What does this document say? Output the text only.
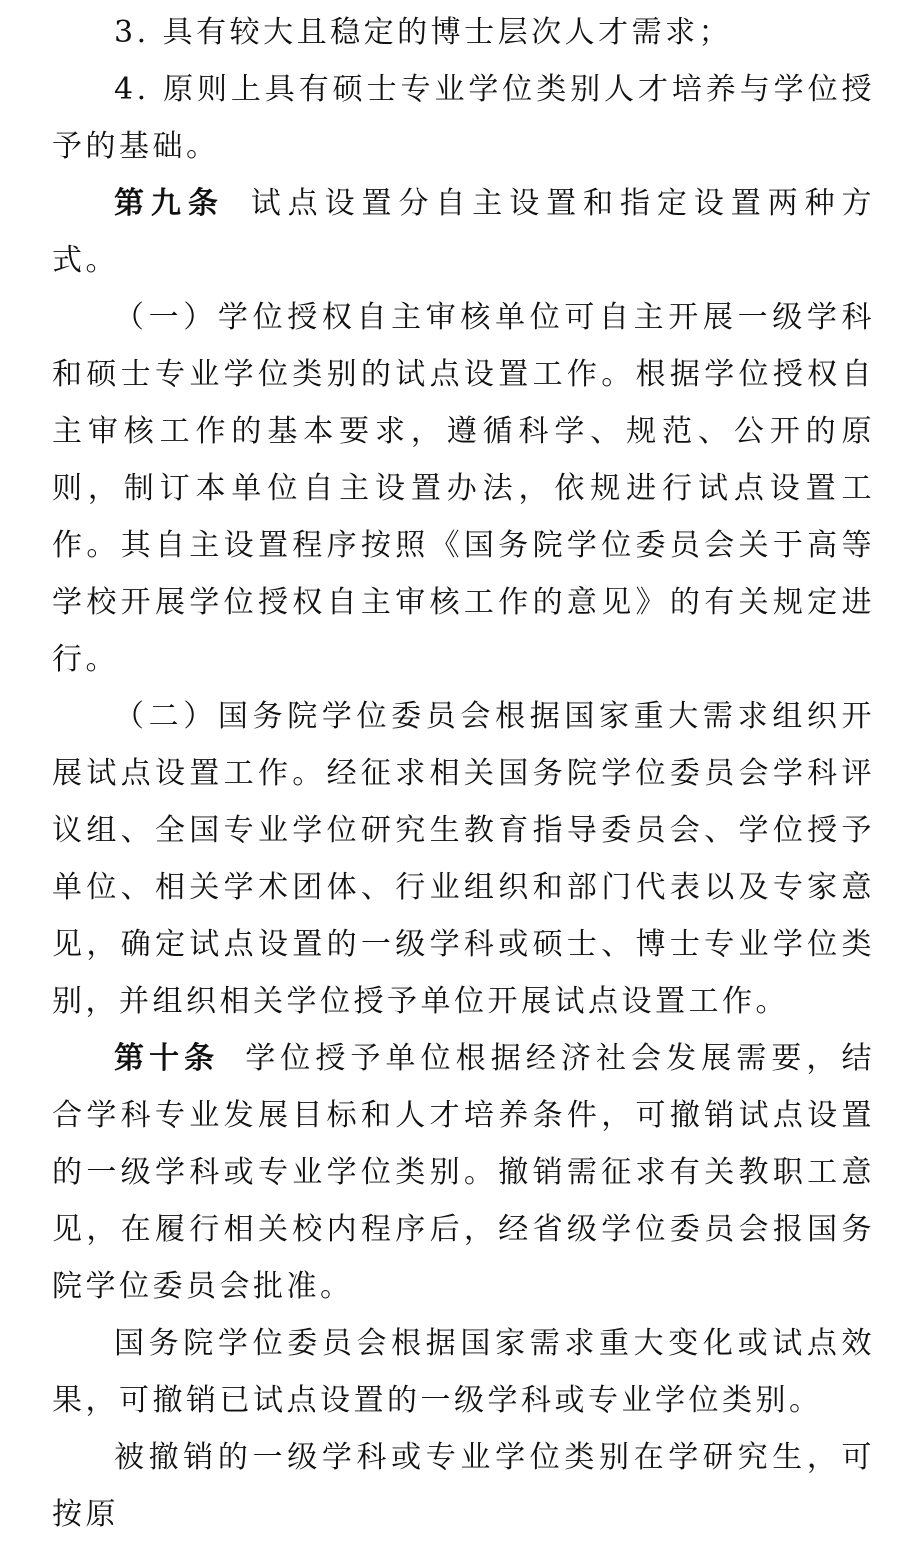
3. 具有较大且稳定的博士层次人才需求；

4. 原则上具有硕士专业学位类别人才培养与学位授予的基础。

第九条 试点设置分自主设置和指定设置两种方式。

（一）学位授权自主审核单位可自主开展一级学科和硕士专业学位类别的试点设置工作。根据学位授权自主审核工作的基本要求，遵循科学、规范、公开的原则，制订本单位自主设置办法，依规进行试点设置工作。其自主设置程序按照《国务院学位委员会关于高等学校开展学位授权自主审核工作的意见》的有关规定进行。

（二）国务院学位委员会根据国家重大需求组织开展试点设置工作。经征求相关国务院学位委员会学科评议组、全国专业学位研究生教育指导委员会、学位授予单位、相关学术团体、行业组织和部门代表以及专家意见，确定试点设置的一级学科或硕士、博士专业学位类别，并组织相关学位授予单位开展试点设置工作。

第十条 学位授予单位根据经济社会发展需要，结合学科专业发展目标和人才培养条件，可撤销试点设置的一级学科或专业学位类别。撤销需征求有关教职工意见，在履行相关校内程序后，经省级学位委员会报国务院学位委员会批准。

国务院学位委员会根据国家需求重大变化或试点效果，可撤销已试点设置的一级学科或专业学位类别。

被撤销的一级学科或专业学位类别在学研究生，可按原
